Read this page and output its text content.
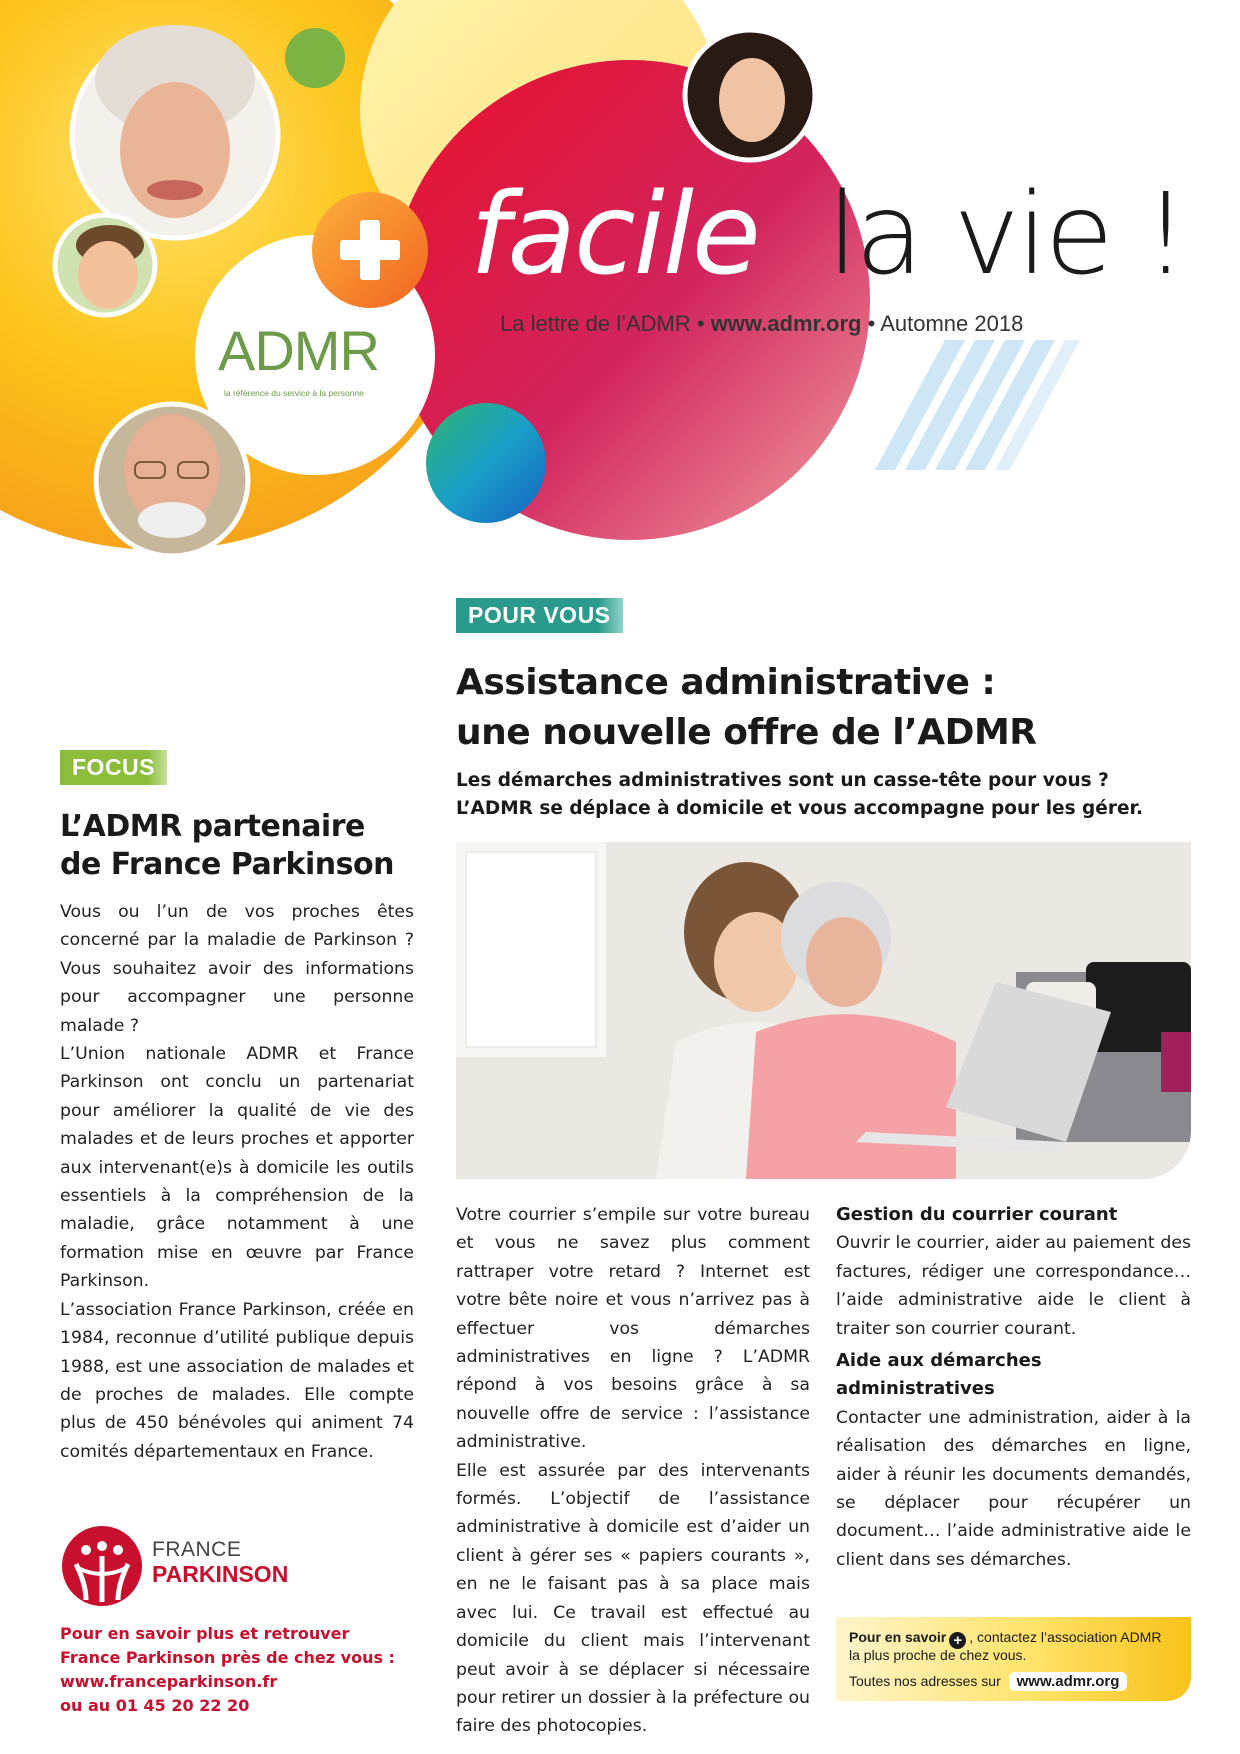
facile la vie !
La lettre de l’ADMR • www.admr.org • Automne 2018
ADMR
la référence du service à la personne
POUR VOUS
Assistance administrative :
une nouvelle offre de l’ADMR
Les démarches administratives sont un casse-tête pour vous ?
L’ADMR se déplace à domicile et vous accompagne pour les gérer.

Votre courrier s’empile sur votre bureau et vous ne savez plus comment rattraper votre retard ? Internet est votre bête noire et vous n’arrivez pas à effectuer vos démarches administratives en ligne ? L’ADMR répond à vos besoins grâce à sa nouvelle offre de service : l’assistance administrative.

Elle est assurée par des intervenants formés. L’objectif de l’assistance administrative à domicile est d’aider un client à gérer ses « papiers courants », en ne le faisant pas à sa place mais avec lui. Ce travail est effectué au domicile du client mais l’intervenant peut avoir à se déplacer si nécessaire pour retirer un dossier à la préfecture ou faire des photocopies.

Gestion du courrier courant

Ouvrir le courrier, aider au paiement des factures, rédiger une correspondance… l’aide administrative aide le client à traiter son courrier courant.

Aide aux démarches administratives

Contacter une administration, aider à la réalisation des démarches en ligne, aider à réunir les documents demandés, se déplacer pour récupérer un document… l’aide administrative aide le client dans ses démarches.

FOCUS
L’ADMR partenaire
de France Parkinson

Vous ou l’un de vos proches êtes concerné par la maladie de Parkinson ? Vous souhaitez avoir des informations pour accompagner une personne malade ?

L’Union nationale ADMR et France Parkinson ont conclu un partenariat pour améliorer la qualité de vie des malades et de leurs proches et apporter aux intervenant(e)s à domicile les outils essentiels à la compréhension de la maladie, grâce notamment à une formation mise en œuvre par France Parkinson.

L’association France Parkinson, créée en 1984, reconnue d’utilité publique depuis 1988, est une association de malades et de proches de malades. Elle compte plus de 450 bénévoles qui animent 74 comités départementaux en France.

FRANCE
PARKINSON
Pour en savoir plus et retrouver
France Parkinson près de chez vous :
www.franceparkinson.fr
ou au 01 45 20 22 20
Pour en savoir + , contactez l’association ADMR
la plus proche de chez vous.
Toutes nos adresses sur www.admr.org
